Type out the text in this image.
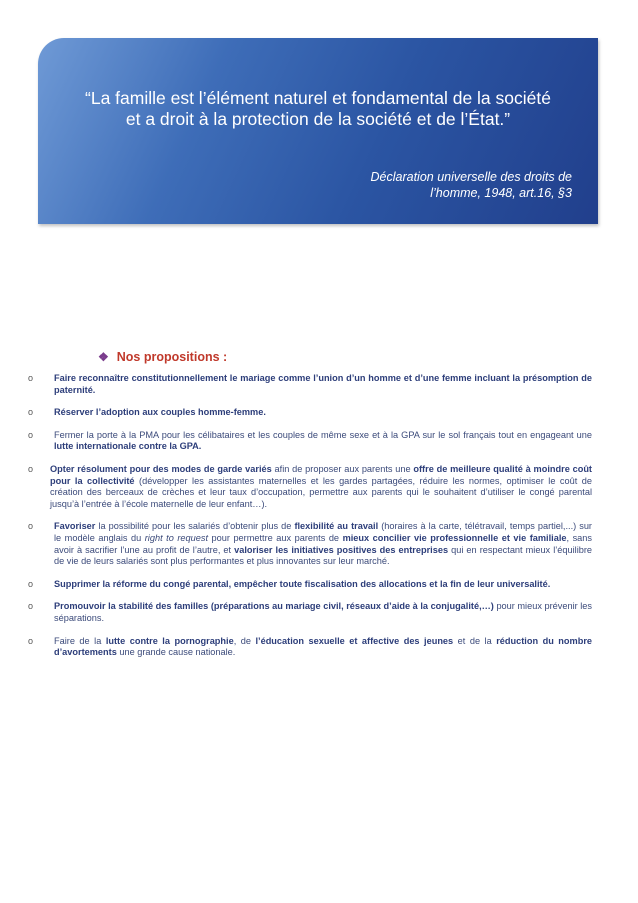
“La famille est l’élément naturel et fondamental de la société et a droit à la protection de la société et de l’État.”
Déclaration universelle des droits de
l’homme, 1948, art.16, §3
❖ Nos propositions :
o Faire reconnaître constitutionnellement le mariage comme l’union d’un homme et d’une femme incluant la présomption de paternité.
o Réserver l’adoption aux couples homme-femme.
o Fermer la porte à la PMA pour les célibataires et les couples de même sexe et à la GPA sur le sol français tout en engageant une lutte internationale contre la GPA.
o Opter résolument pour des modes de garde variés afin de proposer aux parents une offre de meilleure qualité à moindre coût pour la collectivité (développer les assistantes maternelles et les gardes partagées, réduire les normes, optimiser le coût de création des berceaux de crèches et leur taux d’occupation, permettre aux parents qui le souhaitent d’utiliser le congé parental jusqu’à l’entrée à l’école maternelle de leur enfant…).
o Favoriser la possibilité pour les salariés d’obtenir plus de flexibilité au travail (horaires à la carte, télétravail, temps partiel,...) sur le modèle anglais du right to request pour permettre aux parents de mieux concilier vie professionnelle et vie familiale, sans avoir à sacrifier l’une au profit de l’autre, et valoriser les initiatives positives des entreprises qui en respectant mieux l’équilibre de vie de leurs salariés sont plus performantes et plus innovantes sur leur marché.
o Supprimer la réforme du congé parental, empêcher toute fiscalisation des allocations et la fin de leur universalité.
o Promouvoir la stabilité des familles (préparations au mariage civil, réseaux d’aide à la conjugalité,…) pour mieux prévenir les séparations.
o Faire de la lutte contre la pornographie, de l’éducation sexuelle et affective des jeunes et de la réduction du nombre d’avortements une grande cause nationale.
